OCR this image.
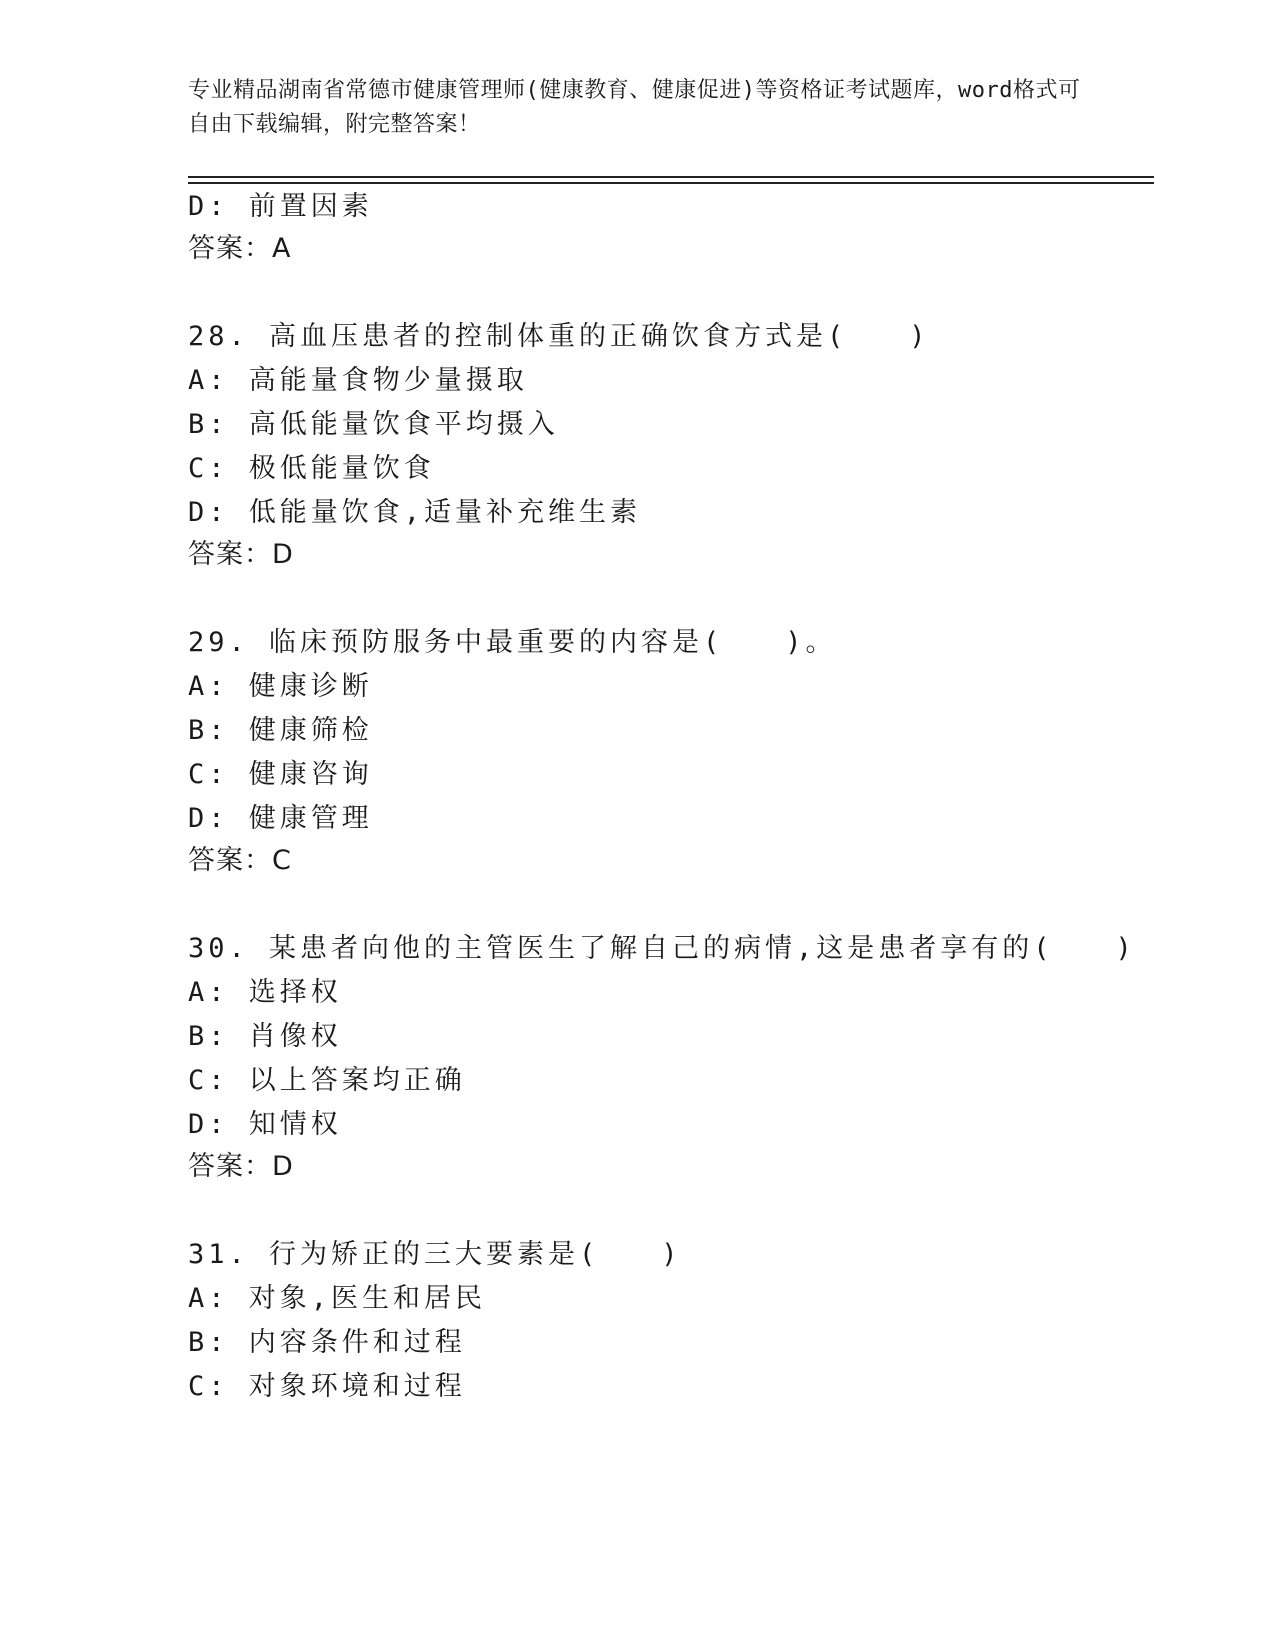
专业精品湖南省常德市健康管理师(健康教育、健康促进)等资格证考试题库，word格式可自由下载编辑，附完整答案！
D: 前置因素
答案：A
28. 高血压患者的控制体重的正确饮食方式是(　　)
A: 高能量食物少量摄取
B: 高低能量饮食平均摄入
C: 极低能量饮食
D: 低能量饮食,适量补充维生素
答案：D
29. 临床预防服务中最重要的内容是(　　)。
A: 健康诊断
B: 健康筛检
C: 健康咨询
D: 健康管理
答案：C
30. 某患者向他的主管医生了解自己的病情,这是患者享有的(　　)
A: 选择权
B: 肖像权
C: 以上答案均正确
D: 知情权
答案：D
31. 行为矫正的三大要素是(　　)
A: 对象,医生和居民
B: 内容条件和过程
C: 对象环境和过程
